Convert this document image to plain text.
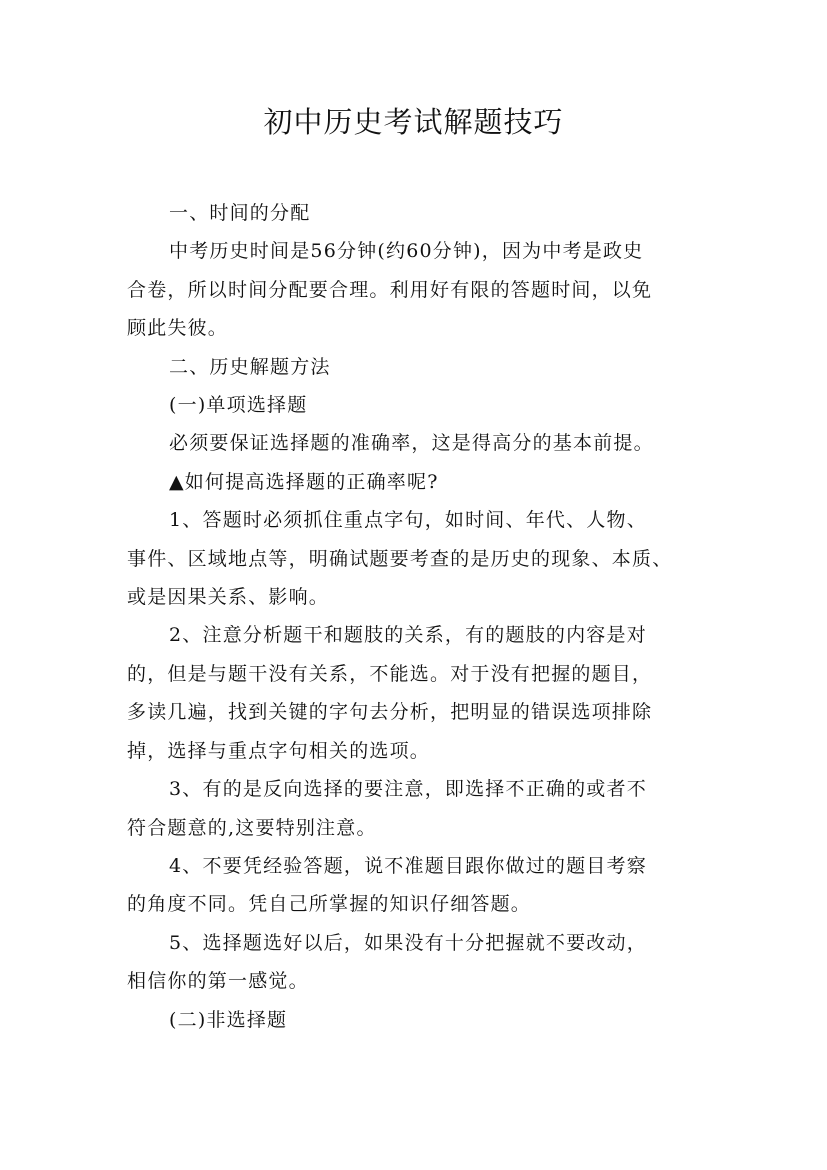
初中历史考试解题技巧

一、时间的分配

中考历史时间是56分钟(约60分钟)，因为中考是政史
合卷，所以时间分配要合理。利用好有限的答题时间，以免
顾此失彼。

二、历史解题方法

(一)单项选择题

必须要保证选择题的准确率，这是得高分的基本前提。

▲如何提高选择题的正确率呢?

1、答题时必须抓住重点字句，如时间、年代、人物、
事件、区域地点等，明确试题要考查的是历史的现象、本质、
或是因果关系、影响。

2、注意分析题干和题肢的关系，有的题肢的内容是对
的，但是与题干没有关系，不能选。对于没有把握的题目，
多读几遍，找到关键的字句去分析，把明显的错误选项排除
掉，选择与重点字句相关的选项。

3、有的是反向选择的要注意，即选择不正确的或者不
符合题意的,这要特别注意。

4、不要凭经验答题，说不准题目跟你做过的题目考察
的角度不同。凭自己所掌握的知识仔细答题。

5、选择题选好以后，如果没有十分把握就不要改动，
相信你的第一感觉。

(二)非选择题
